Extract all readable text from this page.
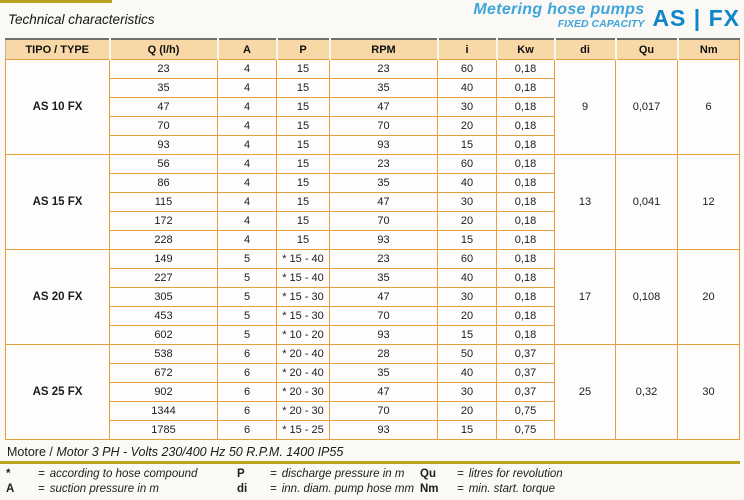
Technical characteristics
Metering hose pumps
FIXED CAPACITY AS | FX
TIPO / TYPE	Q (l/h)	A	P	RPM	i	Kw	di	Qu	Nm
AS 10 FX	23	4	15	23	60	0,18	9	0,017	6
	35	4	15	35	40	0,18			
	47	4	15	47	30	0,18			
	70	4	15	70	20	0,18			
	93	4	15	93	15	0,18			
AS 15 FX	56	4	15	23	60	0,18	13	0,041	12
	86	4	15	35	40	0,18			
	115	4	15	47	30	0,18			
	172	4	15	70	20	0,18			
	228	4	15	93	15	0,18			
AS 20 FX	149	5	* 15 - 40	23	60	0,18	17	0,108	20
	227	5	* 15 - 40	35	40	0,18			
	305	5	* 15 - 30	47	30	0,18			
	453	5	* 15 - 30	70	20	0,18			
	602	5	* 10 - 20	93	15	0,18			
AS 25 FX	538	6	* 20 - 40	28	50	0,37	25	0,32	30
	672	6	* 20 - 40	35	40	0,37			
	902	6	* 20 - 30	47	30	0,37			
	1344	6	* 20 - 30	70	20	0,75			
	1785	6	* 15 - 25	93	15	0,75			
Motore / Motor 3 PH - Volts 230/400 Hz 50 R.P.M. 1400 IP55
*	= according to hose compound
A	= suction pressure in m
P	= discharge pressure in m
di	= inn. diam. pump hose mm
Qu	= litres for revolution
Nm	= min. start. torque
